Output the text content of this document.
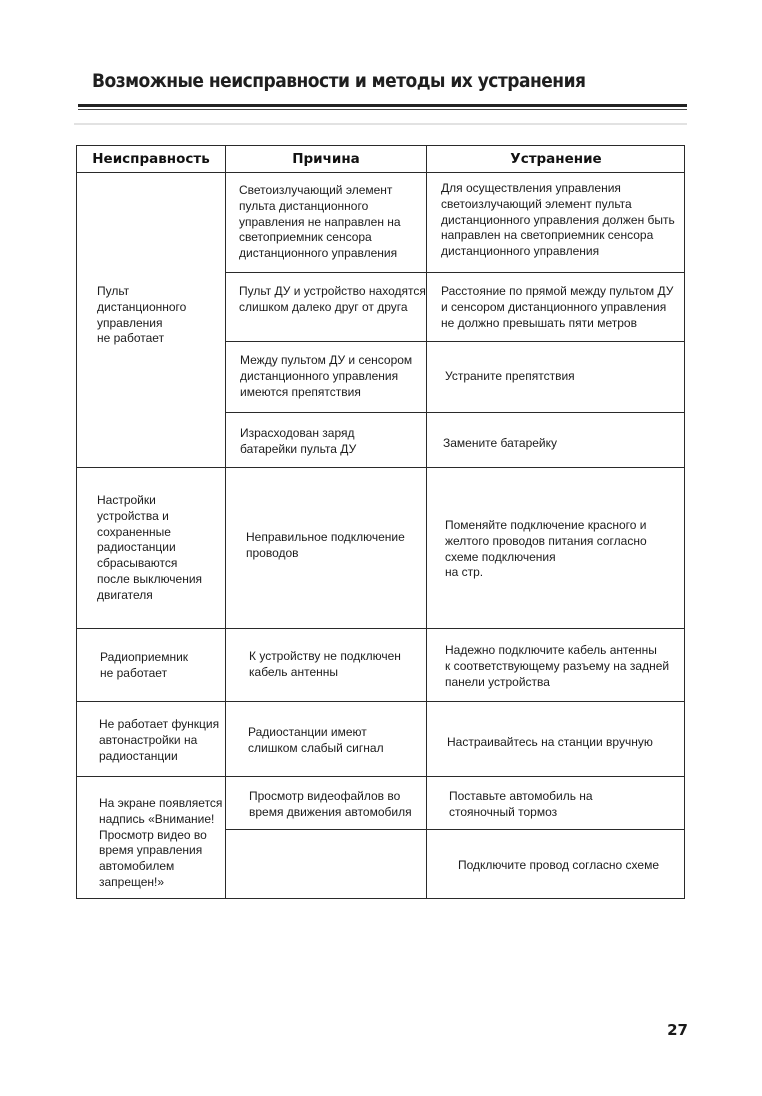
Возможные неисправности и методы их устранения
Неисправность	Причина	Устранение
Пульт
дистанционного
управления
не работает
Настройки
устройства и
сохраненные
радиостанции
сбрасываются
после выключения
двигателя
Радиоприемник
не работает
Не работает функция
автонастройки на
радиостанции
На экране появляется
надпись «Внимание!
Просмотр видео во
время управления
автомобилем
запрещен!»
Светоизлучающий элемент
пульта дистанционного
управления не направлен на
светоприемник сенсора
дистанционного управления
Пульт ДУ и устройство находятся
слишком далеко друг от друга
Между пультом ДУ и сенсором
дистанционного управления
имеются препятствия
Израсходован заряд
батарейки пульта ДУ
Неправильное подключение
проводов
К устройству не подключен
кабель антенны
Радиостанции имеют
слишком слабый сигнал
Просмотр видеофайлов во
время движения автомобиля
Для осуществления управления
светоизлучающий элемент пульта
дистанционного управления должен быть
направлен на светоприемник сенсора
дистанционного управления
Расстояние по прямой между пультом ДУ
и сенсором дистанционного управления
не должно превышать пяти метров
Устраните препятствия
Замените батарейку
Поменяйте подключение красного и
желтого проводов питания согласно
схеме подключения
на стр.
Надежно подключите кабель антенны
к соответствующему разъему на задней
панели устройства
Настраивайтесь на станции вручную
Поставьте автомобиль на
стояночный тормоз
Подключите провод согласно схеме
27
